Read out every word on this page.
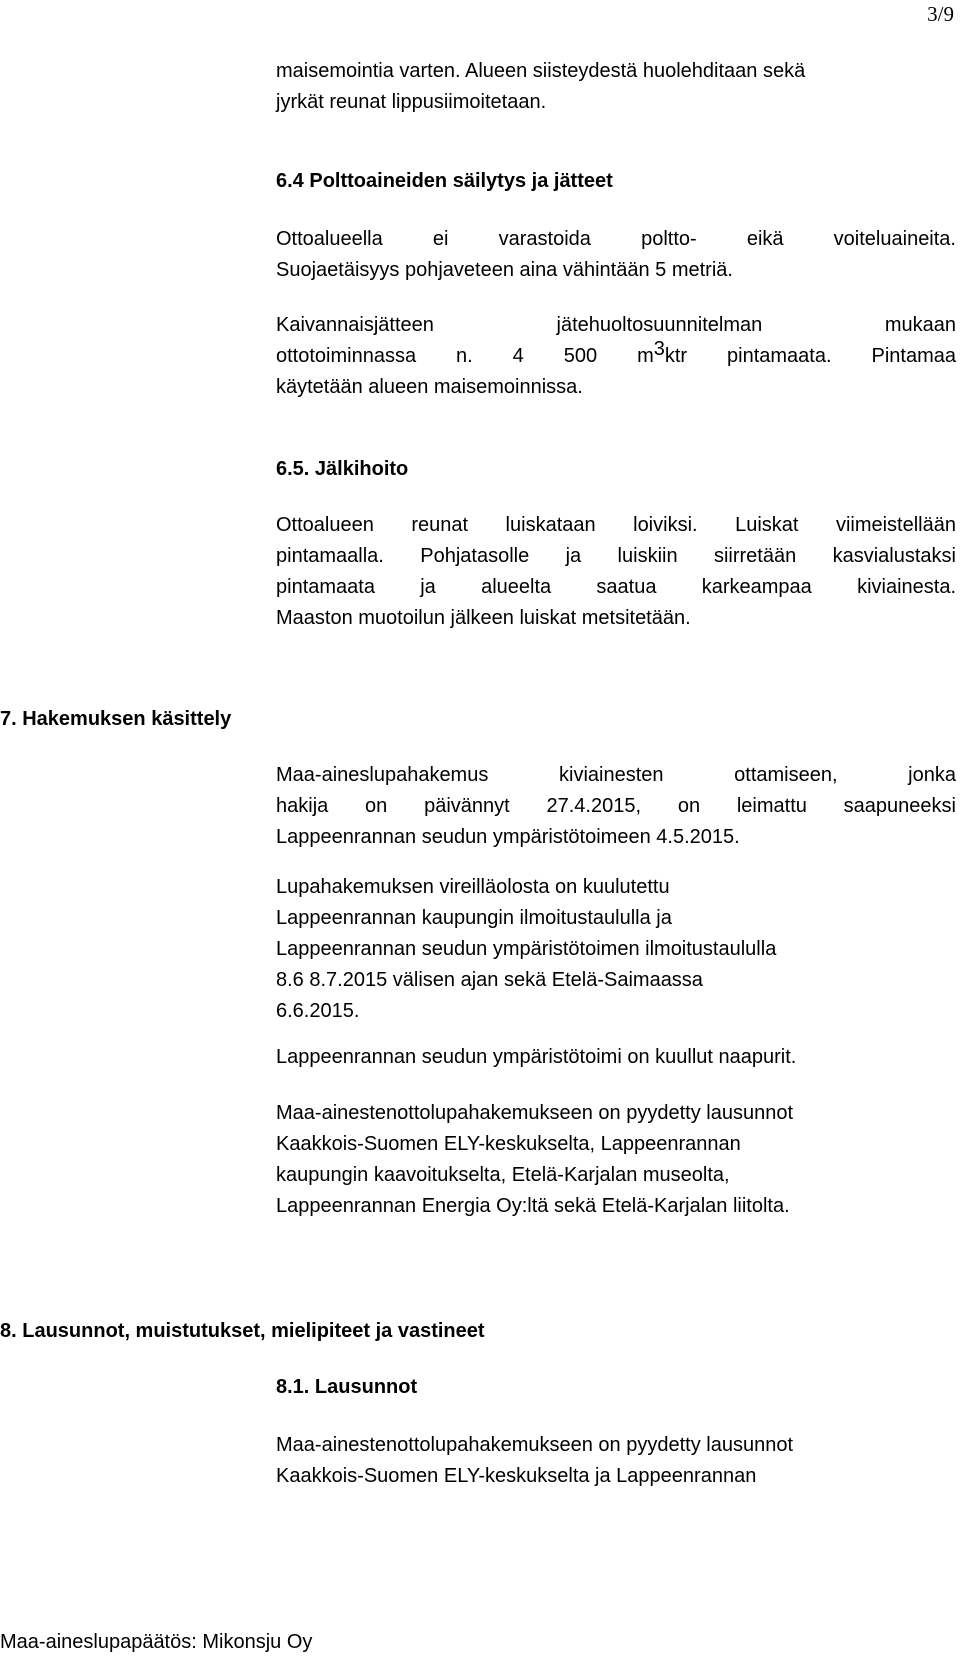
3/9

maisemointia varten. Alueen siisteydestä huolehditaan sekä

jyrkät reunat lippusiimoitetaan.

6.4 Polttoaineiden säilytys ja jätteet

Ottoalueella ei varastoida poltto- eikä voiteluaineita.

Suojaetäisyys pohjaveteen aina vähintään 5 metriä.

Kaivannaisjätteen jätehuoltosuunnitelman mukaan

ottotoiminnassa n. 4 500 $m^3ktr$ pintamaata. Pintamaa

käytetään alueen maisemoinnissa.

6.5. Jälkihoito

Ottoalueen reunat luiskataan loiviksi. Luiskat viimeistellään

pintamaalla. Pohjatasolle ja luiskiin siirretään kasvialustaksi

pintamaata ja alueelta saatua karkeampaa kiviainesta.

Maaston muotoilun jälkeen luiskat metsitetään.

7. Hakemuksen käsittely

Maa-aineslupahakemus kiviainesten ottamiseen, jonka

hakija on päivännyt 27.4.2015, on leimattu saapuneeksi

Lappeenrannan seudun ympäristötoimeen 4.5.2015.

Lupahakemuksen vireilläolosta on kuulutettu

Lappeenrannan kaupungin ilmoitustaululla ja

Lappeenrannan seudun ympäristötoimen ilmoitustaululla

8.6 8.7.2015 välisen ajan sekä Etelä-Saimaassa

6.6.2015.

Lappeenrannan seudun ympäristötoimi on kuullut naapurit.

Maa-ainestenottolupahakemukseen on pyydetty lausunnot

Kaakkois-Suomen ELY-keskukselta, Lappeenrannan

kaupungin kaavoitukselta, Etelä-Karjalan museolta,

Lappeenrannan Energia Oy:ltä sekä Etelä-Karjalan liitolta.

8. Lausunnot, muistutukset, mielipiteet ja vastineet

8.1. Lausunnot

Maa-ainestenottolupahakemukseen on pyydetty lausunnot

Kaakkois-Suomen ELY-keskukselta ja Lappeenrannan

Maa-aineslupapäätös: Mikonsju Oy
